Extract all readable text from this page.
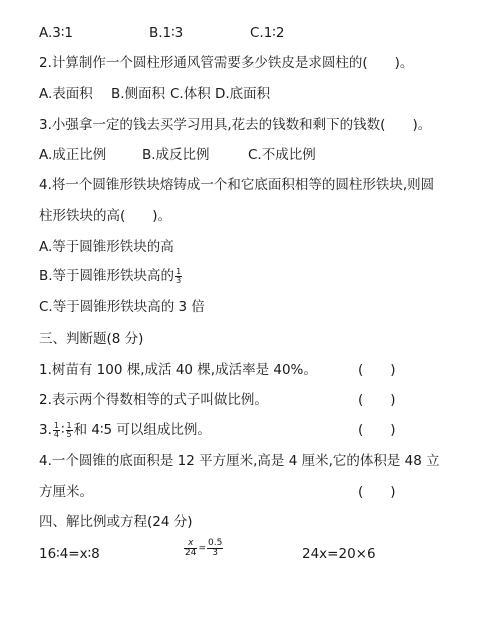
A.3∶1	B.1∶3	C.1∶2
2.计算制作一个圆柱形通风管需要多少铁皮是求圆柱的(　　)。
A.表面积 B.侧面积 C.体积 D.底面积
3.小强拿一定的钱去买学习用具,花去的钱数和剩下的钱数(　　)。
A.成正比例	B.成反比例	C.不成比例
4.将一个圆锥形铁块熔铸成一个和它底面积相等的圆柱形铁块,则圆
柱形铁块的高(　　)。
A.等于圆锥形铁块的高
B.等于圆锥形铁块高的 $\frac{1}{3}$
C.等于圆锥形铁块高的 3 倍
三、判断题(8 分)
1.树苗有 100 棵,成活 40 棵,成活率是 40%。	(　　)
2.表示两个得数相等的式子叫做比例。	(　　)
3. $\frac{1}{4}$ ∶ $\frac{1}{5}$ 和 4∶5 可以组成比例。	(　　)
4.一个圆锥的底面积是 12 平方厘米,高是 4 厘米,它的体积是 48 立
方厘米。	(　　)
四、解比例或方程(24 分)
16∶4=x∶8	$\frac{x}{24} = \frac{0.5}{3}$	24x=20×6
